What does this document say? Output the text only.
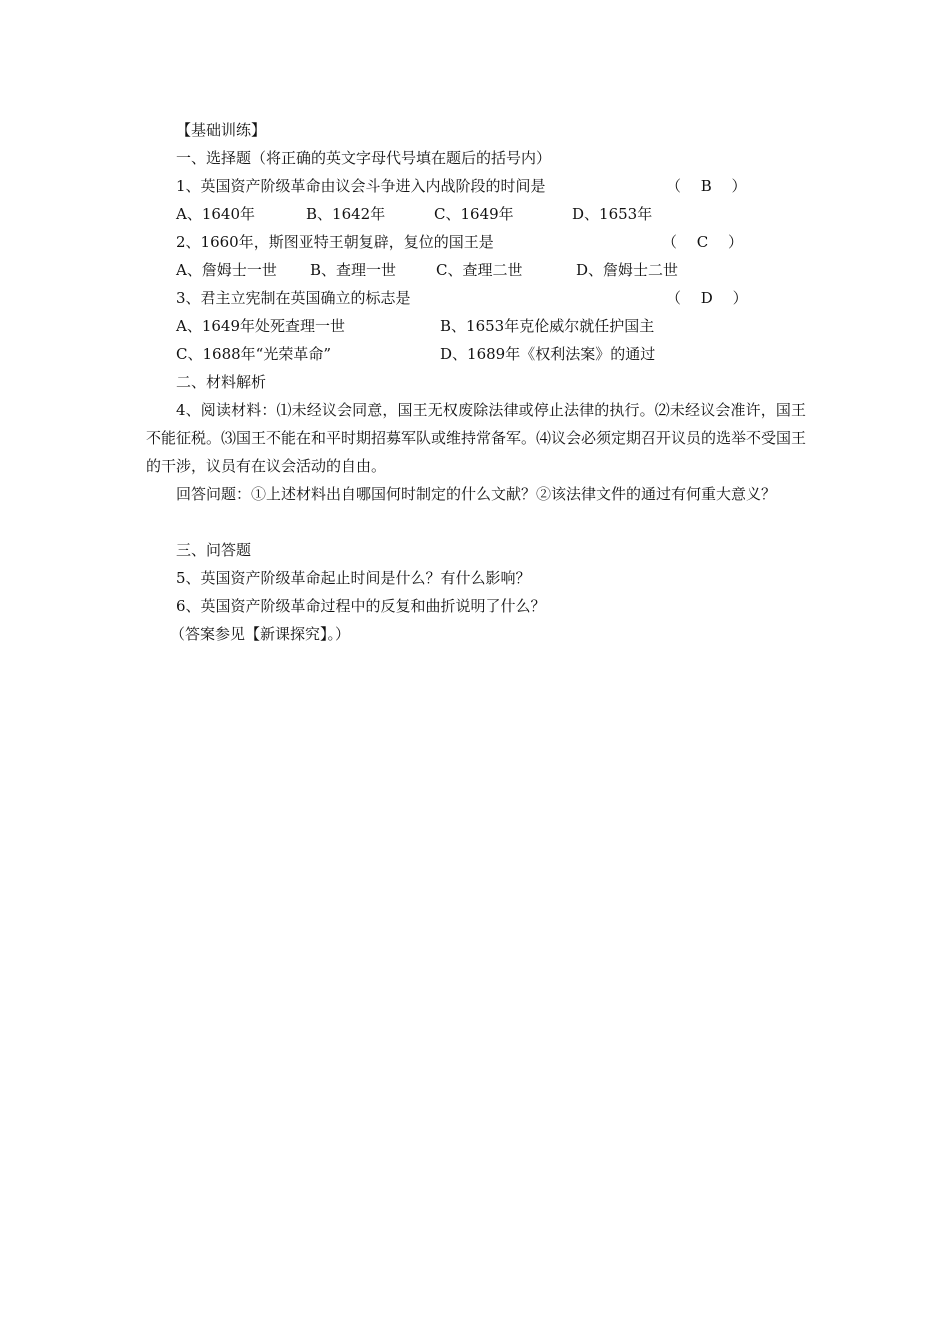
【基础训练】
一、选择题（将正确的英文字母代号填在题后的括号内）
1、英国资产阶级革命由议会斗争进入内战阶段的时间是	（　 B　 ）
A、1640年	B、1642年	C、1649年	D、1653年
2、1660年，斯图亚特王朝复辟，复位的国王是	（　 C　 ）
A、詹姆士一世 B、查理一世	C、查理二世	D、詹姆士二世
3、君主立宪制在英国确立的标志是	（　 D　 ）
A、1649年处死查理一世	B、1653年克伦威尔就任护国主
C、1688年“光荣革命”	D、1689年《权利法案》的通过
二、材料解析
4、阅读材料：⑴未经议会同意，国王无权废除法律或停止法律的执行。⑵未经议会准许，国王不能征税。⑶国王不能在和平时期招募军队或维持常备军。⑷议会必须定期召开议员的选举不受国王的干涉，议员有在议会活动的自由。
回答问题：①上述材料出自哪国何时制定的什么文献？②该法律文件的通过有何重大意义？
三、问答题
5、英国资产阶级革命起止时间是什么？有什么影响？
6、英国资产阶级革命过程中的反复和曲折说明了什么？
（答案参见【新课探究】。）
